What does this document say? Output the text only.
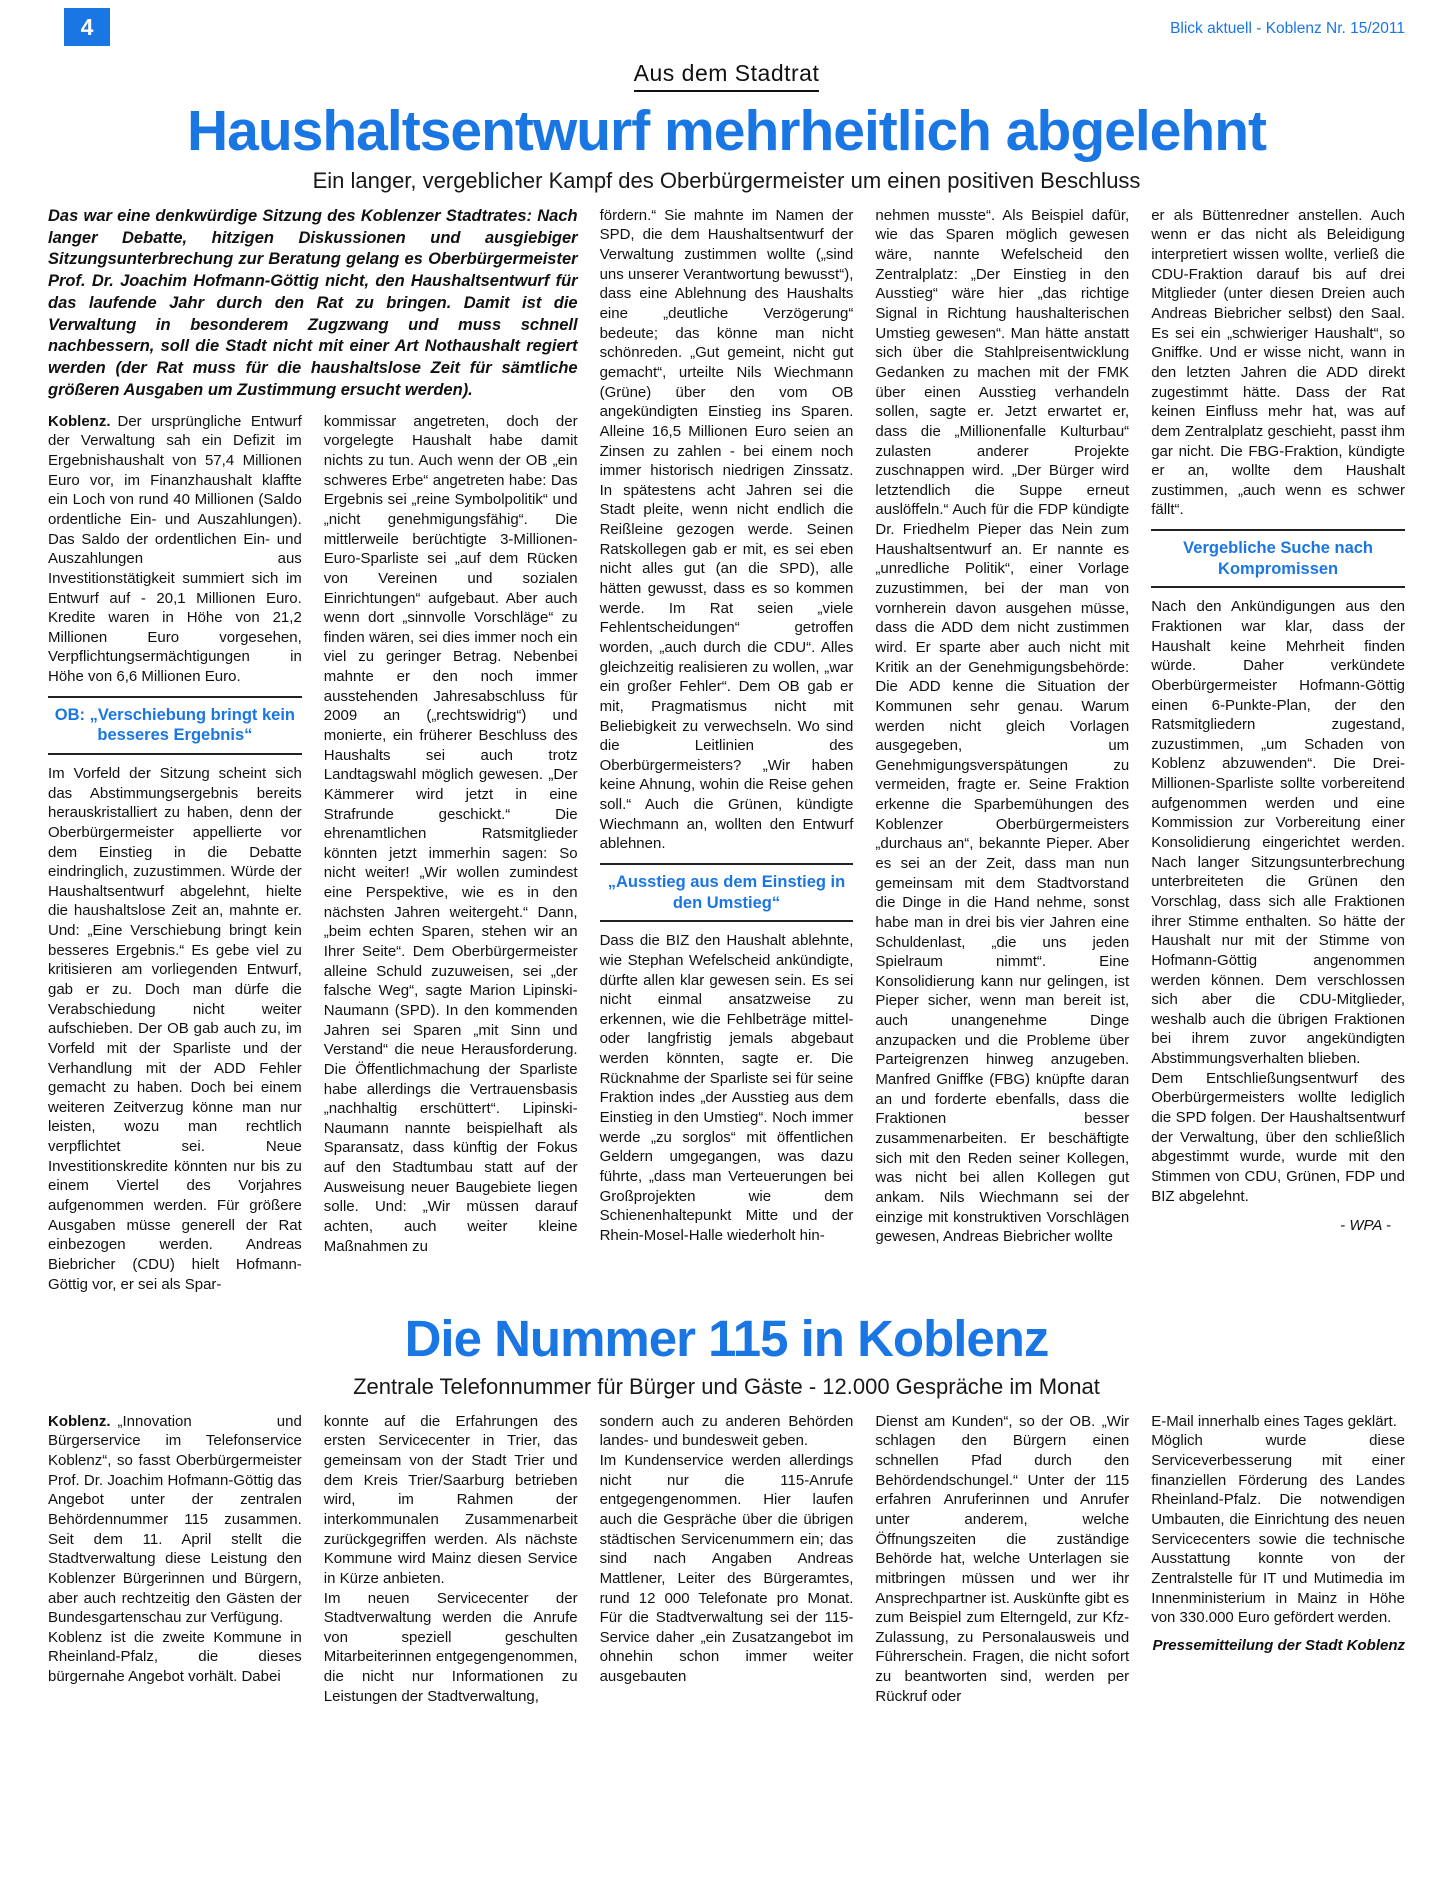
4	Blick aktuell - Koblenz Nr. 15/2011
Aus dem Stadtrat
Haushaltsentwurf mehrheitlich abgelehnt
Ein langer, vergeblicher Kampf des Oberbürgermeister um einen positiven Beschluss

Das war eine denkwürdige Sitzung des Koblenzer Stadtrates: Nach langer Debatte, hitzigen Diskussionen und ausgiebiger Sitzungsunterbrechung zur Beratung gelang es Oberbürgermeister Prof. Dr. Joachim Hofmann-Göttig nicht, den Haushaltsentwurf für das laufende Jahr durch den Rat zu bringen. Damit ist die Verwaltung in besonderem Zugzwang und muss schnell nachbessern, soll die Stadt nicht mit einer Art Nothaushalt regiert werden (der Rat muss für die haushaltslose Zeit für sämtliche größeren Ausgaben um Zustimmung ersucht werden).

Koblenz. Der ursprüngliche Entwurf der Verwaltung sah ein Defizit im Ergebnishaushalt von 57,4 Millionen Euro vor, im Finanzhaushalt klaffte ein Loch von rund 40 Millionen (Saldo ordentliche Ein- und Auszahlungen). Das Saldo der ordentlichen Ein- und Auszahlungen aus Investitionstätigkeit summiert sich im Entwurf auf - 20,1 Millionen Euro. Kredite waren in Höhe von 21,2 Millionen Euro vorgesehen, Verpflichtungsermächtigungen in Höhe von 6,6 Millionen Euro.

OB: „Verschiebung bringt kein besseres Ergebnis“

Im Vorfeld der Sitzung scheint sich das Abstimmungsergebnis bereits herauskristalliert zu haben, denn der Oberbürgermeister appellierte vor dem Einstieg in die Debatte eindringlich, zuzustimmen. Würde der Haushaltsentwurf abgelehnt, hielte die haushaltslose Zeit an, mahnte er. Und: „Eine Verschiebung bringt kein besseres Ergebnis.“ Es gebe viel zu kritisieren am vorliegenden Entwurf, gab er zu. Doch man dürfe die Verabschiedung nicht weiter aufschieben. Der OB gab auch zu, im Vorfeld mit der Sparliste und der Verhandlung mit der ADD Fehler gemacht zu haben. Doch bei einem weiteren Zeitverzug könne man nur leisten, wozu man rechtlich verpflichtet sei. Neue Investitionskredite könnten nur bis zu einem Viertel des Vorjahres aufgenommen werden. Für größere Ausgaben müsse generell der Rat einbezogen werden. Andreas Biebricher (CDU) hielt Hofmann-Göttig vor, er sei als Spar-

kommissar angetreten, doch der vorgelegte Haushalt habe damit nichts zu tun. Auch wenn der OB „ein schweres Erbe“ angetreten habe: Das Ergebnis sei „reine Symbolpolitik“ und „nicht genehmigungsfähig“. Die mittlerweile berüchtigte 3-Millionen-Euro-Sparliste sei „auf dem Rücken von Vereinen und sozialen Einrichtungen“ aufgebaut. Aber auch wenn dort „sinnvolle Vorschläge“ zu finden wären, sei dies immer noch ein viel zu geringer Betrag. Nebenbei mahnte er den noch immer ausstehenden Jahresabschluss für 2009 an („rechtswidrig“) und monierte, ein früherer Beschluss des Haushalts sei auch trotz Landtagswahl möglich gewesen. „Der Kämmerer wird jetzt in eine Strafrunde geschickt.“ Die ehrenamtlichen Ratsmitglieder könnten jetzt immerhin sagen: So nicht weiter! „Wir wollen zumindest eine Perspektive, wie es in den nächsten Jahren weitergeht.“ Dann, „beim echten Sparen, stehen wir an Ihrer Seite“. Dem Oberbürgermeister alleine Schuld zuzuweisen, sei „der falsche Weg“, sagte Marion Lipinski-Naumann (SPD). In den kommenden Jahren sei Sparen „mit Sinn und Verstand“ die neue Herausforderung. Die Öffentlichmachung der Sparliste habe allerdings die Vertrauensbasis „nachhaltig erschüttert“. Lipinski-Naumann nannte beispielhaft als Sparansatz, dass künftig der Fokus auf den Stadtumbau statt auf der Ausweisung neuer Baugebiete liegen solle. Und: „Wir müssen darauf achten, auch weiter kleine Maßnahmen zu

fördern.“ Sie mahnte im Namen der SPD, die dem Haushaltsentwurf der Verwaltung zustimmen wollte („sind uns unserer Verantwortung bewusst“), dass eine Ablehnung des Haushalts eine „deutliche Verzögerung“ bedeute; das könne man nicht schönreden. „Gut gemeint, nicht gut gemacht“, urteilte Nils Wiechmann (Grüne) über den vom OB angekündigten Einstieg ins Sparen. Alleine 16,5 Millionen Euro seien an Zinsen zu zahlen - bei einem noch immer historisch niedrigen Zinssatz. In spätestens acht Jahren sei die Stadt pleite, wenn nicht endlich die Reißleine gezogen werde. Seinen Ratskollegen gab er mit, es sei eben nicht alles gut (an die SPD), alle hätten gewusst, dass es so kommen werde. Im Rat seien „viele Fehlentscheidungen“ getroffen worden, „auch durch die CDU“. Alles gleichzeitig realisieren zu wollen, „war ein großer Fehler“. Dem OB gab er mit, Pragmatismus nicht mit Beliebigkeit zu verwechseln. Wo sind die Leitlinien des Oberbürgermeisters? „Wir haben keine Ahnung, wohin die Reise gehen soll.“ Auch die Grünen, kündigte Wiechmann an, wollten den Entwurf ablehnen.

„Ausstieg aus dem Einstieg in den Umstieg“

Dass die BIZ den Haushalt ablehnte, wie Stephan Wefelscheid ankündigte, dürfte allen klar gewesen sein. Es sei nicht einmal ansatzweise zu erkennen, wie die Fehlbeträge mittel- oder langfristig jemals abgebaut werden könnten, sagte er. Die Rücknahme der Sparliste sei für seine Fraktion indes „der Ausstieg aus dem Einstieg in den Umstieg“. Noch immer werde „zu sorglos“ mit öffentlichen Geldern umgegangen, was dazu führte, „dass man Verteuerungen bei Großprojekten wie dem Schienenhaltepunkt Mitte und der Rhein-Mosel-Halle wiederholt hin-

nehmen musste“. Als Beispiel dafür, wie das Sparen möglich gewesen wäre, nannte Wefelscheid den Zentralplatz: „Der Einstieg in den Ausstieg“ wäre hier „das richtige Signal in Richtung haushalterischen Umstieg gewesen“. Man hätte anstatt sich über die Stahlpreisentwicklung Gedanken zu machen mit der FMK über einen Ausstieg verhandeln sollen, sagte er. Jetzt erwartet er, dass die „Millionenfalle Kulturbau“ zulasten anderer Projekte zuschnappen wird. „Der Bürger wird letztendlich die Suppe erneut auslöffeln.“ Auch für die FDP kündigte Dr. Friedhelm Pieper das Nein zum Haushaltsentwurf an. Er nannte es „unredliche Politik“, einer Vorlage zuzustimmen, bei der man von vornherein davon ausgehen müsse, dass die ADD dem nicht zustimmen wird. Er sparte aber auch nicht mit Kritik an der Genehmigungsbehörde: Die ADD kenne die Situation der Kommunen sehr genau. Warum werden nicht gleich Vorlagen ausgegeben, um Genehmigungsverspätungen zu vermeiden, fragte er. Seine Fraktion erkenne die Sparbemühungen des Koblenzer Oberbürgermeisters „durchaus an“, bekannte Pieper. Aber es sei an der Zeit, dass man nun gemeinsam mit dem Stadtvorstand die Dinge in die Hand nehme, sonst habe man in drei bis vier Jahren eine Schuldenlast, „die uns jeden Spielraum nimmt“. Eine Konsolidierung kann nur gelingen, ist Pieper sicher, wenn man bereit ist, auch unangenehme Dinge anzupacken und die Probleme über Parteigrenzen hinweg anzugeben. Manfred Gniffke (FBG) knüpfte daran an und forderte ebenfalls, dass die Fraktionen besser zusammenarbeiten. Er beschäftigte sich mit den Reden seiner Kollegen, was nicht bei allen Kollegen gut ankam. Nils Wiechmann sei der einzige mit konstruktiven Vorschlägen gewesen, Andreas Biebricher wollte

er als Büttenredner anstellen. Auch wenn er das nicht als Beleidigung interpretiert wissen wollte, verließ die CDU-Fraktion darauf bis auf drei Mitglieder (unter diesen Dreien auch Andreas Biebricher selbst) den Saal. Es sei ein „schwieriger Haushalt“, so Gniffke. Und er wisse nicht, wann in den letzten Jahren die ADD direkt zugestimmt hätte. Dass der Rat keinen Einfluss mehr hat, was auf dem Zentralplatz geschieht, passt ihm gar nicht. Die FBG-Fraktion, kündigte er an, wollte dem Haushalt zustimmen, „auch wenn es schwer fällt“.

Vergebliche Suche nach Kompromissen

Nach den Ankündigungen aus den Fraktionen war klar, dass der Haushalt keine Mehrheit finden würde. Daher verkündete Oberbürgermeister Hofmann-Göttig einen 6-Punkte-Plan, der den Ratsmitgliedern zugestand, zuzustimmen, „um Schaden von Koblenz abzuwenden“. Die Drei-Millionen-Sparliste sollte vorbereitend aufgenommen werden und eine Kommission zur Vorbereitung einer Konsolidierung eingerichtet werden. Nach langer Sitzungsunterbrechung unterbreiteten die Grünen den Vorschlag, dass sich alle Fraktionen ihrer Stimme enthalten. So hätte der Haushalt nur mit der Stimme von Hofmann-Göttig angenommen werden können. Dem verschlossen sich aber die CDU-Mitglieder, weshalb auch die übrigen Fraktionen bei ihrem zuvor angekündigten Abstimmungsverhalten blieben.

Dem Entschließungsentwurf des Oberbürgermeisters wollte lediglich die SPD folgen. Der Haushaltsentwurf der Verwaltung, über den schließlich abgestimmt wurde, wurde mit den Stimmen von CDU, Grünen, FDP und BIZ abgelehnt.

- WPA -

Die Nummer 115 in Koblenz
Zentrale Telefonnummer für Bürger und Gäste - 12.000 Gespräche im Monat

Koblenz. „Innovation und Bürgerservice im Telefonservice Koblenz“, so fasst Oberbürgermeister Prof. Dr. Joachim Hofmann-Göttig das Angebot unter der zentralen Behördennummer 115 zusammen. Seit dem 11. April stellt die Stadtverwaltung diese Leistung den Koblenzer Bürgerinnen und Bürgern, aber auch rechtzeitig den Gästen der Bundesgartenschau zur Verfügung.

Koblenz ist die zweite Kommune in Rheinland-Pfalz, die dieses bürgernahe Angebot vorhält. Dabei

konnte auf die Erfahrungen des ersten Servicecenter in Trier, das gemeinsam von der Stadt Trier und dem Kreis Trier/Saarburg betrieben wird, im Rahmen der interkommunalen Zusammenarbeit zurückgegriffen werden. Als nächste Kommune wird Mainz diesen Service in Kürze anbieten.

Im neuen Servicecenter der Stadtverwaltung werden die Anrufe von speziell geschulten Mitarbeiterinnen entgegengenommen, die nicht nur Informationen zu Leistungen der Stadtverwaltung,

sondern auch zu anderen Behörden landes- und bundesweit geben.

Im Kundenservice werden allerdings nicht nur die 115-Anrufe entgegengenommen. Hier laufen auch die Gespräche über die übrigen städtischen Servicenummern ein; das sind nach Angaben Andreas Mattlener, Leiter des Bürgeramtes, rund 12 000 Telefonate pro Monat. Für die Stadtverwaltung sei der 115-Service daher „ein Zusatzangebot im ohnehin schon immer weiter ausgebauten

Dienst am Kunden“, so der OB. „Wir schlagen den Bürgern einen schnellen Pfad durch den Behördendschungel.“ Unter der 115 erfahren Anruferinnen und Anrufer unter anderem, welche Öffnungszeiten die zuständige Behörde hat, welche Unterlagen sie mitbringen müssen und wer ihr Ansprechpartner ist. Auskünfte gibt es zum Beispiel zum Elterngeld, zur Kfz-Zulassung, zu Personalausweis und Führerschein. Fragen, die nicht sofort zu beantworten sind, werden per Rückruf oder

E-Mail innerhalb eines Tages geklärt.

Möglich wurde diese Serviceverbesserung mit einer finanziellen Förderung des Landes Rheinland-Pfalz. Die notwendigen Umbauten, die Einrichtung des neuen Servicecenters sowie die technische Ausstattung konnte von der Zentralstelle für IT und Mutimedia im Innenministerium in Mainz in Höhe von 330.000 Euro gefördert werden.

Pressemitteilung der Stadt Koblenz
